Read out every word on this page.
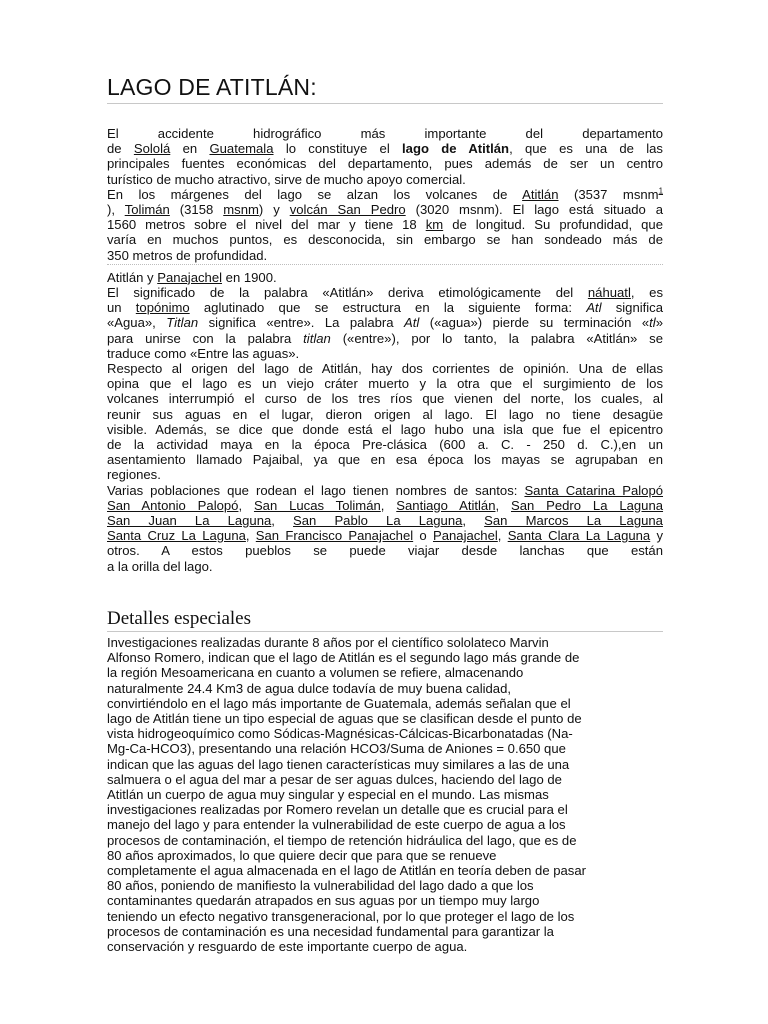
LAGO DE ATITLÁN:
El accidente hidrográfico más importante del departamento
de Sololá en Guatemala lo constituye el lago de Atitlán, que es una de las
principales fuentes económicas del departamento, pues además de ser un centro
turístico de mucho atractivo, sirve de mucho apoyo comercial.
En los márgenes del lago se alzan los volcanes de Atitlán (3537 msnm$^1$
), Tolimán (3158 msnm) y volcán San Pedro (3020 msnm). El lago está situado a
1560 metros sobre el nivel del mar y tiene 18 km de longitud. Su profundidad, que
varía en muchos puntos, es desconocida, sin embargo se han sondeado más de
350 metros de profundidad.
Atitlán y Panajachel en 1900.
El significado de la palabra «Atitlán» deriva etimológicamente del náhuatl, es
un topónimo aglutinado que se estructura en la siguiente forma: Atl significa
«Agua», Titlan significa «entre». La palabra Atl («agua») pierde su terminación «tl»
para unirse con la palabra titlan («entre»), por lo tanto, la palabra «Atitlán» se
traduce como «Entre las aguas».
Respecto al origen del lago de Atitlán, hay dos corrientes de opinión. Una de ellas
opina que el lago es un viejo cráter muerto y la otra que el surgimiento de los
volcanes interrumpió el curso de los tres ríos que vienen del norte, los cuales, al
reunir sus aguas en el lugar, dieron origen al lago. El lago no tiene desagüe
visible. Además, se dice que donde está el lago hubo una isla que fue el epicentro
de la actividad maya en la época Pre-clásica (600 a. C. - 250 d. C.),en un
asentamiento llamado Pajaibal, ya que en esa época los mayas se agrupaban en
regiones.
Varias poblaciones que rodean el lago tienen nombres de santos: Santa Catarina Palopó
San Antonio Palopó, San Lucas Tolimán, Santiago Atitlán, San Pedro La Laguna
San Juan La Laguna, San Pablo La Laguna, San Marcos La Laguna
Santa Cruz La Laguna, San Francisco Panajachel o Panajachel, Santa Clara La Laguna y otros. A estos pueblos se puede viajar desde lanchas que están
a la orilla del lago.
Detalles especiales
Investigaciones realizadas durante 8 años por el científico sololateco Marvin
Alfonso Romero, indican que el lago de Atitlán es el segundo lago más grande de
la región Mesoamericana en cuanto a volumen se refiere, almacenando
naturalmente 24.4 Km3 de agua dulce todavía de muy buena calidad,
convirtiéndolo en el lago más importante de Guatemala, además señalan que el
lago de Atitlán tiene un tipo especial de aguas que se clasifican desde el punto de
vista hidrogeoquímico como Sódicas-Magnésicas-Cálcicas-Bicarbonatadas (Na-
Mg-Ca-HCO3), presentando una relación HCO3/Suma de Aniones = 0.650 que
indican que las aguas del lago tienen características muy similares a las de una
salmuera o el agua del mar a pesar de ser aguas dulces, haciendo del lago de
Atitlán un cuerpo de agua muy singular y especial en el mundo. Las mismas
investigaciones realizadas por Romero revelan un detalle que es crucial para el
manejo del lago y para entender la vulnerabilidad de este cuerpo de agua a los
procesos de contaminación, el tiempo de retención hidráulica del lago, que es de
80 años aproximados, lo que quiere decir que para que se renueve
completamente el agua almacenada en el lago de Atitlán en teoría deben de pasar
80 años, poniendo de manifiesto la vulnerabilidad del lago dado a que los
contaminantes quedarán atrapados en sus aguas por un tiempo muy largo
teniendo un efecto negativo transgeneracional, por lo que proteger el lago de los
procesos de contaminación es una necesidad fundamental para garantizar la
conservación y resguardo de este importante cuerpo de agua.
